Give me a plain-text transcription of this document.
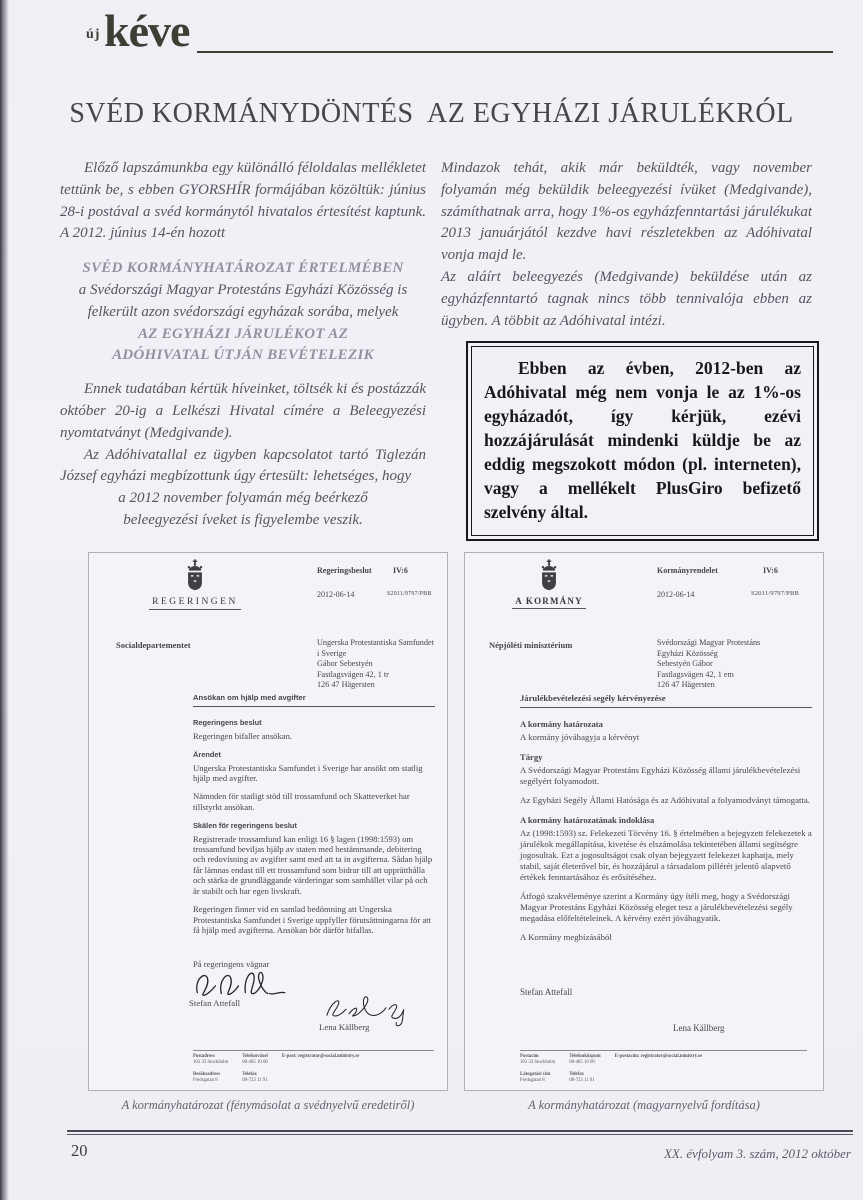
új kéve
SVÉD KORMÁNYDÖNTÉS  AZ EGYHÁZI JÁRULÉKRÓL

Előző lapszámunkba egy különálló féloldalas mellékletet tettünk be, s ebben GYORSHÍR formájában közöltük: június 28-i postával a svéd kormánytól hivatalos értesítést kaptunk. A 2012. június 14-én hozott

SVÉD KORMÁNYHATÁROZAT ÉRTELMÉBEN
a Svédországi Magyar Protestáns Egyházi Közösség is
felkerült azon svédországi egyházak sorába, melyek
AZ EGYHÁZI JÁRULÉKOT AZ
ADÓHIVATAL ÚTJÁN BEVÉTELEZIK

Ennek tudatában kértük híveinket, töltsék ki és postázzák október 20-ig a Lelkészi Hivatal címére a Beleegyezési nyomtatványt (Medgivande).

Az Adóhivatallal ez ügyben kapcsolatot tartó Tiglezán József egyházi megbízottunk úgy értesült: lehetséges, hogy

a 2012 november folyamán még beérkező
beleegyezési íveket is figyelembe veszik.

Mindazok tehát, akik már beküldték, vagy november folyamán még beküldik beleegyezési ívüket (Medgivande), számíthatnak arra, hogy 1%-os egyházfenntartási járulékukat 2013 januárjától kezdve havi részletekben az Adóhivatal vonja majd le.

Az aláírt beleegyezés (Medgivande) beküldése után az egyházfenntartó tagnak nincs több tennivalója ebben az ügyben. A többit az Adóhivatal intézi.

Ebben az évben, 2012-ben az Adóhivatal még nem vonja le az 1%-os egyházadót, így kérjük, ezévi hozzájárulását mindenki küldje be az eddig megszokott módon (pl. interneten), vagy a mellékelt PlusGiro befizető szelvény által.
REGERINGEN
Regeringsbeslut	IV:6
2012-06-14	S2011/9797/PBB
Socialdepartementet	Ungerska Protestantiska Samfundet
i Sverige
Gábor Sebestyén
Fastlagsvägen 42, 1 tr
126 47 Hägersten
Ansökan om hjälp med avgifter
Regeringens beslut

Regeringen bifaller ansökan.

Ärendet

Ungerska Protestantiska Samfundet i Sverige har ansökt om statlig hjälp med avgifter.

Nämnden för statligt stöd till trossamfund och Skatteverket har tillstyrkt ansökan.

Skälen för regeringens beslut

Registrerade trossamfund kan enligt 16 § lagen (1998:1593) om trossamfund beviljas hjälp av staten med bestämmande, debitering och redovisning av avgifter samt med att ta in avgifterna. Sådan hjälp får lämnas endast till ett trossamfund som bidrar till att upprätthålla och stärka de grundläggande värderingar som samhället vilar på och är stabilt och har egen livskraft.

Regeringen finner vid en samlad bedömning att Ungerska Protestantiska Samfundet i Sverige uppfyller förutsättningarna för att få hjälp med avgifterna. Ansökan bör därför bifallas.

På regeringens vägnar
Stefan Attefall
Lena Källberg
Postadress
103 33 Stockholm
Besöksadress
Fredsgatan 8
Telefonväxel
08-405 10 00
Telefax
08-723 11 91
E-post: registrator@social.ministry.se
A KORMÁNY
Kormányrendelet	IV:6
2012-06-14	S2011/9797/PBB
Népjóléti minisztérium	Svédországi Magyar Protestáns
Egyházi Közösség
Sebestyén Gábor
Fastlagsvägen 42, 1 em
126 47 Hägersten
Járulékbevételezési segély kérvényezése
A kormány határozata

A kormány jóváhagyja a kérvényt

Tárgy

A Svédországi Magyar Protestáns Egyházi Közösség állami járulékbevételezési segélyért folyamodott.

Az Egyházi Segély Állami Hatósága és az Adóhivatal a folyamodványt támogatta.

A kormány határozatának indoklása

Az (1998:1593) sz. Felekezeti Törvény 16. § értelmében a bejegyzett felekezetek a járulékok megállapítása, kivetése és elszámolása tekintetében állami segítségre jogosultak. Ezt a jogosultságot csak olyan bejegyzett felekezet kaphatja, mely stabil, saját életerővel bír, és hozzájárul a társadalom pillérét jelentő alapvető értékek fenntartásához és erősítéséhez.

Átfogó szakvéleménye szerint a Kormány úgy ítéli meg, hogy a Svédországi Magyar Protestáns Egyházi Közösség eleget tesz a járulékbevételezési segély megadása előfeltételeinek. A kérvény ezért jóváhagyatik.

A Kormány megbízásából

Stefan Attefall
Lena Källberg
Postacím
103 33 Stockholm
Látogatási cím
Fredsgatan 8
Telefonközpont
08-405 10 00
Telefax
08-723 11 91
E-postacím: registrator@social.ministry.se
A kormányhatározat (fénymásolat a svédnyelvű eredetiről)	A kormányhatározat (magyarnyelvű fordítása)
20	XX. évfolyam 3. szám, 2012 október
